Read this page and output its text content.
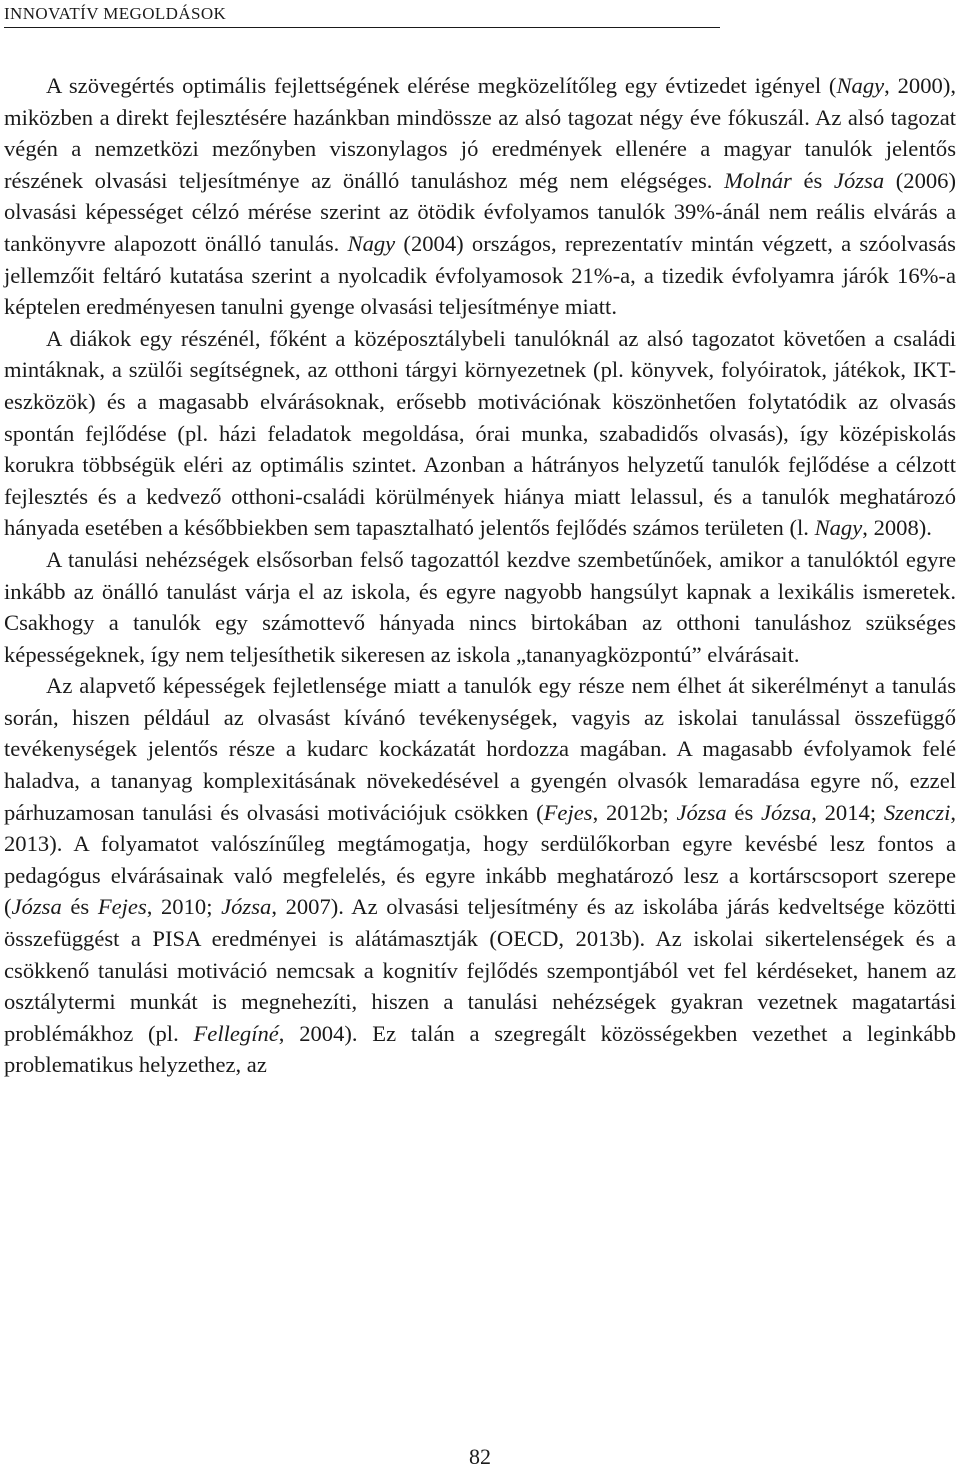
INNOVATÍV MEGOLDÁSOK

A szövegértés optimális fejlettségének elérése megközelítőleg egy évtizedet igényel (Nagy, 2000), miközben a direkt fejlesztésére hazánkban mindössze az alsó tagozat négy éve fókuszál. Az alsó tagozat végén a nemzetközi mezőnyben viszonylagos jó eredmények ellenére a magyar tanulók jelentős részének olvasási teljesítménye az önálló tanuláshoz még nem elégséges. Molnár és Józsa (2006) olvasási képességet célzó mérése szerint az ötödik évfolyamos tanulók 39%-ánál nem reális elvárás a tankönyvre alapozott önálló tanulás. Nagy (2004) országos, reprezentatív mintán végzett, a szóolvasás jellemzőit feltáró kutatása szerint a nyolcadik évfolyamosok 21%-a, a tizedik évfolyamra járók 16%-a képtelen eredményesen tanulni gyenge olvasási teljesítménye miatt.

A diákok egy részénél, főként a középosztálybeli tanulóknál az alsó tagozatot követően a családi mintáknak, a szülői segítségnek, az otthoni tárgyi környezetnek (pl. könyvek, folyóiratok, játékok, IKT-eszközök) és a magasabb elvárásoknak, erősebb motivációnak köszönhetően folytatódik az olvasás spontán fejlődése (pl. házi feladatok megoldása, órai munka, szabadidős olvasás), így középiskolás korukra többségük eléri az optimális szintet. Azonban a hátrányos helyzetű tanulók fejlődése a célzott fejlesztés és a kedvező otthoni-családi körülmények hiánya miatt lelassul, és a tanulók meghatározó hányada esetében a későbbiekben sem tapasztalható jelentős fejlődés számos területen (l. Nagy, 2008).

A tanulási nehézségek elsősorban felső tagozattól kezdve szembetűnőek, amikor a tanulóktól egyre inkább az önálló tanulást várja el az iskola, és egyre nagyobb hangsúlyt kapnak a lexikális ismeretek. Csakhogy a tanulók egy számottevő hányada nincs birtokában az otthoni tanuláshoz szükséges képességeknek, így nem teljesíthetik sikeresen az iskola „tananyagközpontú” elvárásait.

Az alapvető képességek fejletlensége miatt a tanulók egy része nem élhet át sikerélményt a tanulás során, hiszen például az olvasást kívánó tevékenységek, vagyis az iskolai tanulással összefüggő tevékenységek jelentős része a kudarc kockázatát hordozza magában. A magasabb évfolyamok felé haladva, a tananyag komplexitásának növekedésével a gyengén olvasók lemaradása egyre nő, ezzel párhuzamosan tanulási és olvasási motivációjuk csökken (Fejes, 2012b; Józsa és Józsa, 2014; Szenczi, 2013). A folyamatot valószínűleg megtámogatja, hogy serdülőkorban egyre kevésbé lesz fontos a pedagógus elvárásainak való megfelelés, és egyre inkább meghatározó lesz a kortárscsoport szerepe (Józsa és Fejes, 2010; Józsa, 2007). Az olvasási teljesítmény és az iskolába járás kedveltsége közötti összefüggést a PISA eredményei is alátámasztják (OECD, 2013b). Az iskolai sikertelenségek és a csökkenő tanulási motiváció nemcsak a kognitív fejlődés szempontjából vet fel kérdéseket, hanem az osztálytermi munkát is megnehezíti, hiszen a tanulási nehézségek gyakran vezetnek magatartási problémákhoz (pl. Fellegíné, 2004). Ez talán a szegregált közösségekben vezethet a leginkább problematikus helyzethez, az

82
